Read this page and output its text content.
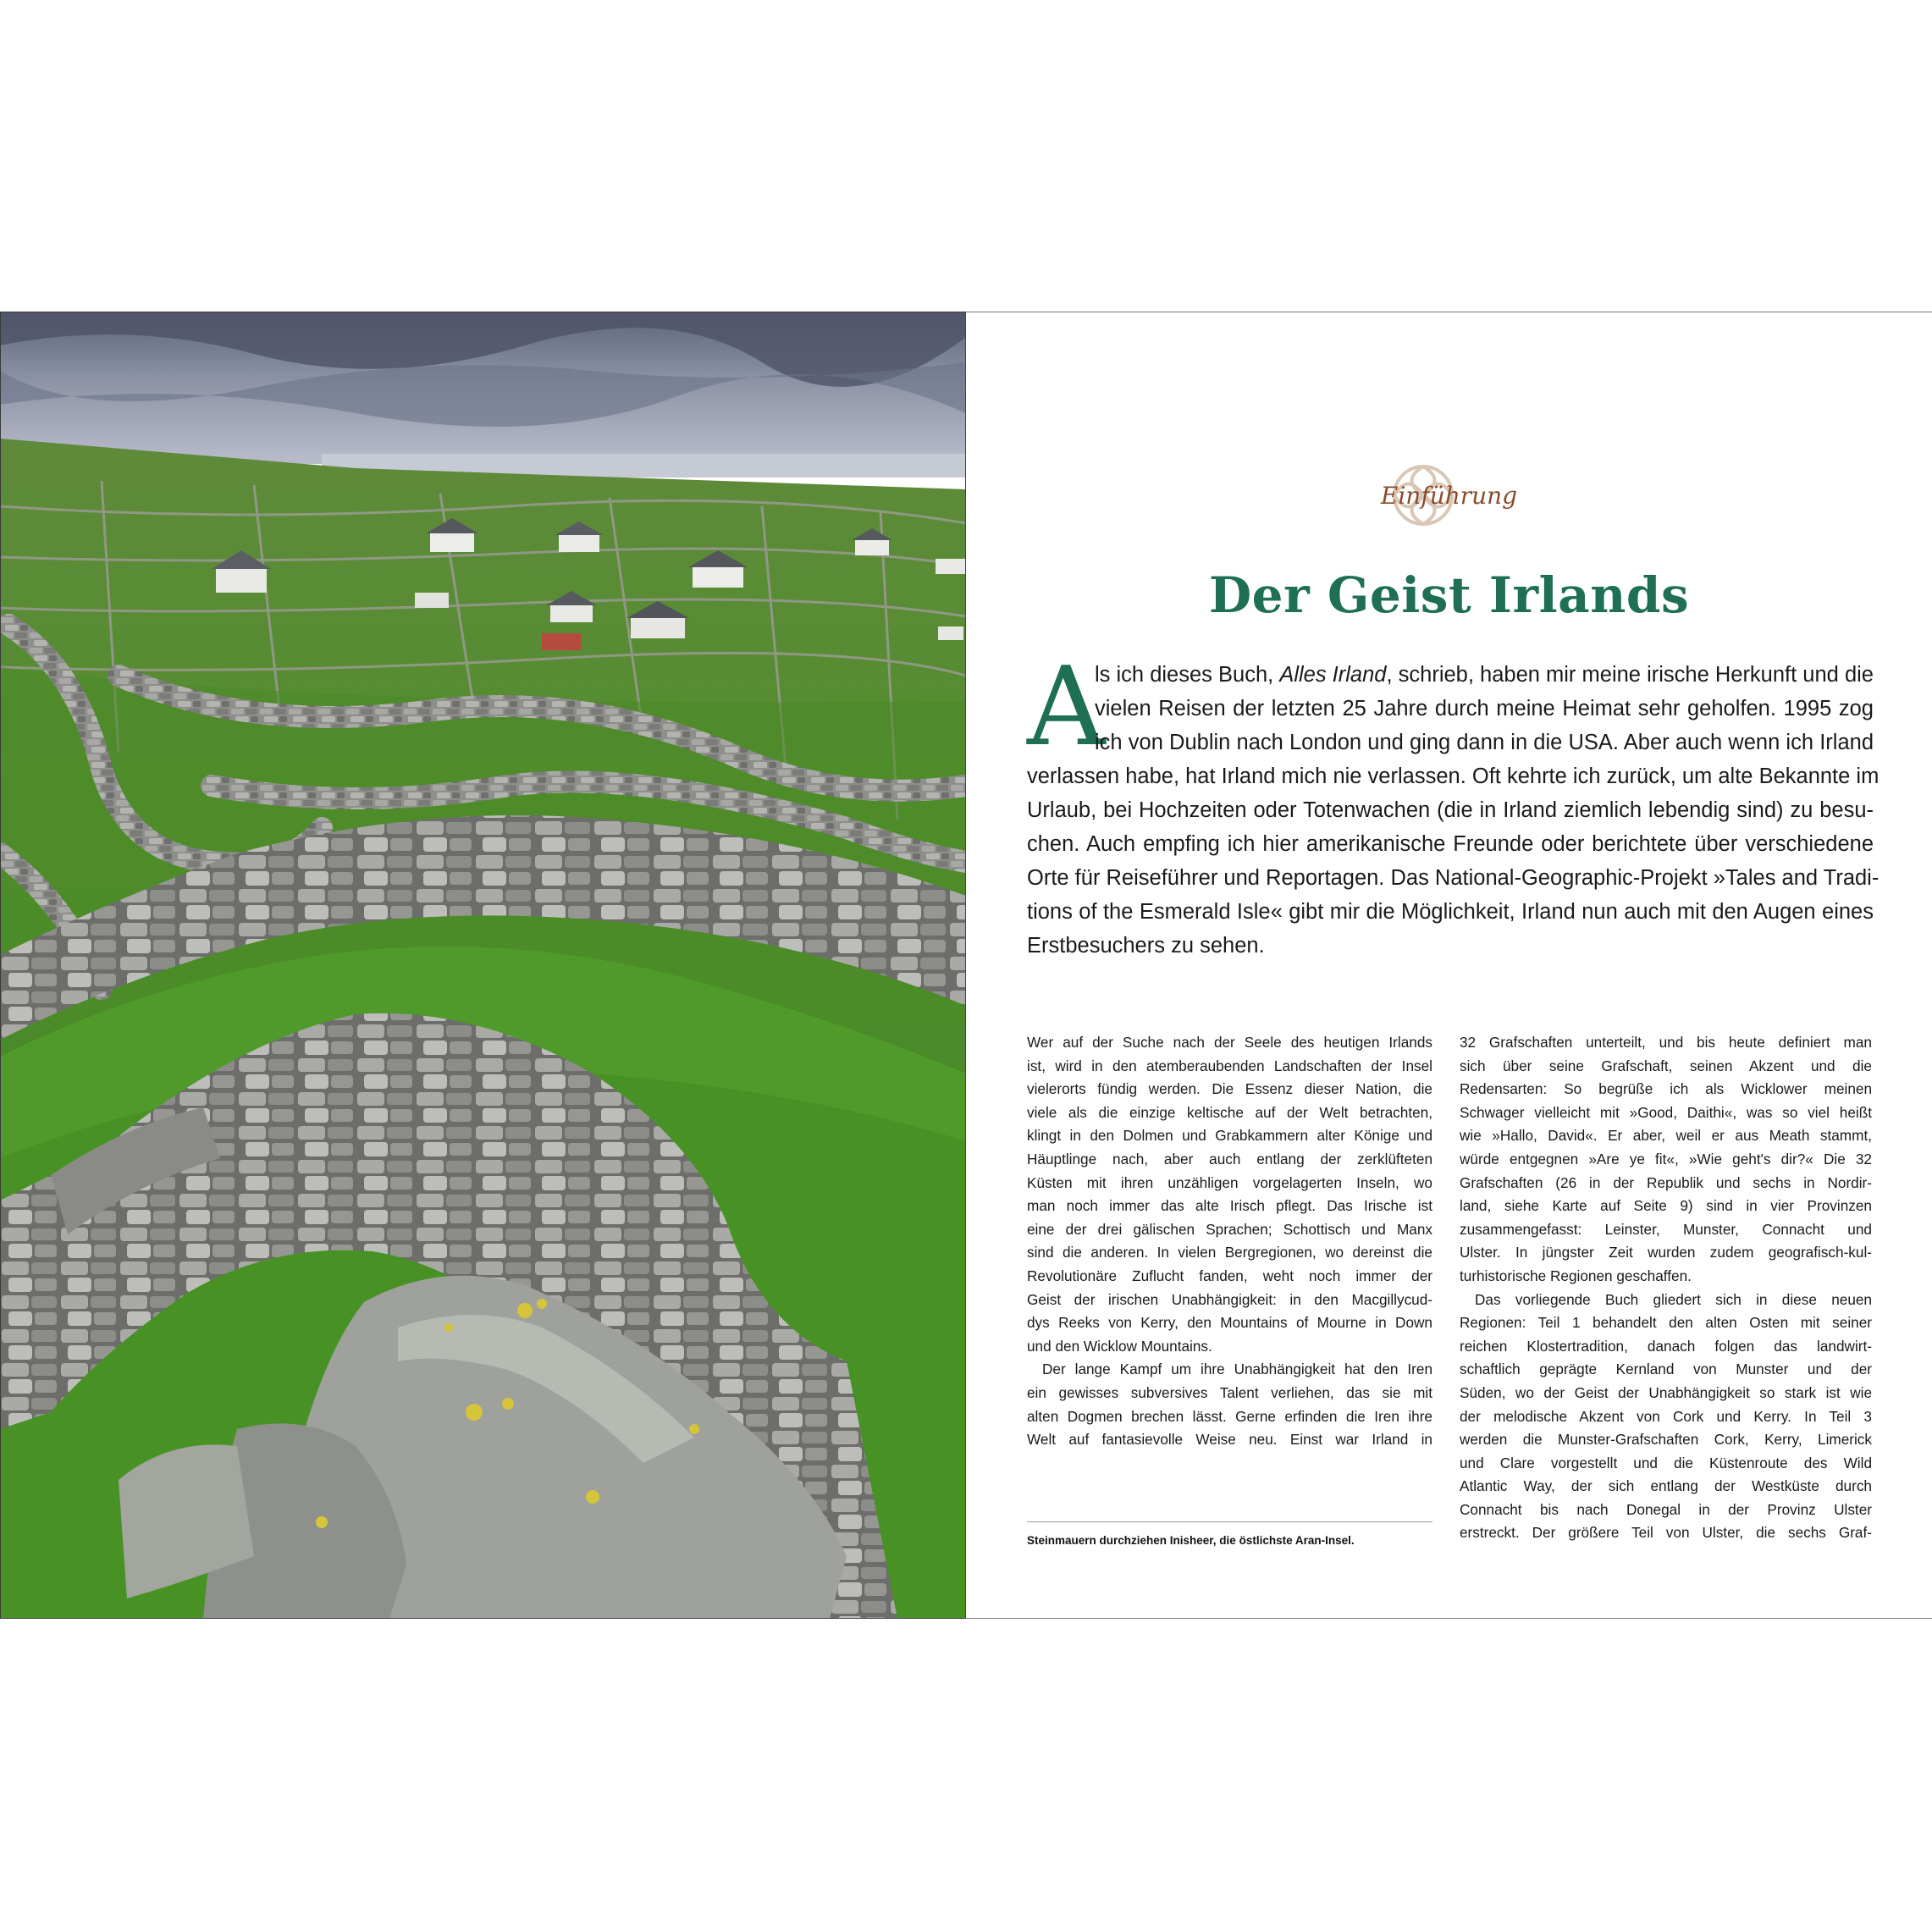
Einführung
Der Geist Irlands
A
ls ich dieses Buch, Alles Irland, schrieb, haben mir meine irische Herkunft und die
vielen Reisen der letzten 25 Jahre durch meine Heimat sehr geholfen. 1995 zog
ich von Dublin nach London und ging dann in die USA. Aber auch wenn ich Irland
verlassen habe, hat Irland mich nie verlassen. Oft kehrte ich zurück, um alte Bekannte im
Urlaub, bei Hochzeiten oder Totenwachen (die in Irland ziemlich lebendig sind) zu besu-
chen. Auch empfing ich hier amerikanische Freunde oder berichtete über verschiedene
Orte für Reiseführer und Reportagen. Das National-Geographic-Projekt »Tales and Tradi-
tions of the Esmerald Isle« gibt mir die Möglichkeit, Irland nun auch mit den Augen eines
Erstbesuchers zu sehen.
Wer auf der Suche nach der Seele des heutigen Irlands
ist, wird in den atemberaubenden Landschaften der Insel
vielerorts fündig werden. Die Essenz dieser Nation, die
viele als die einzige keltische auf der Welt betrachten,
klingt in den Dolmen und Grabkammern alter Könige und
Häuptlinge nach, aber auch entlang der zerklüfteten
Küsten mit ihren unzähligen vorgelagerten Inseln, wo
man noch immer das alte Irisch pflegt. Das Irische ist
eine der drei gälischen Sprachen; Schottisch und Manx
sind die anderen. In vielen Bergregionen, wo dereinst die
Revolutionäre Zuflucht fanden, weht noch immer der
Geist der irischen Unabhängigkeit: in den Macgillycud-
dys Reeks von Kerry, den Mountains of Mourne in Down
und den Wicklow Mountains.
Der lange Kampf um ihre Unabhängigkeit hat den Iren
ein gewisses subversives Talent verliehen, das sie mit
alten Dogmen brechen lässt. Gerne erfinden die Iren ihre
Welt auf fantasievolle Weise neu. Einst war Irland in
Steinmauern durchziehen Inisheer, die östlichste Aran-Insel.
32 Grafschaften unterteilt, und bis heute definiert man
sich über seine Grafschaft, seinen Akzent und die
Redensarten: So begrüße ich als Wicklower meinen
Schwager vielleicht mit »Good, Daithi«, was so viel heißt
wie »Hallo, David«. Er aber, weil er aus Meath stammt,
würde entgegnen »Are ye fit«, »Wie geht's dir?« Die 32
Grafschaften (26 in der Republik und sechs in Nordir-
land, siehe Karte auf Seite 9) sind in vier Provinzen
zusammengefasst: Leinster, Munster, Connacht und
Ulster. In jüngster Zeit wurden zudem geografisch-kul-
turhistorische Regionen geschaffen.
Das vorliegende Buch gliedert sich in diese neuen
Regionen: Teil 1 behandelt den alten Osten mit seiner
reichen Klostertradition, danach folgen das landwirt-
schaftlich geprägte Kernland von Munster und der
Süden, wo der Geist der Unabhängigkeit so stark ist wie
der melodische Akzent von Cork und Kerry. In Teil 3
werden die Munster-Grafschaften Cork, Kerry, Limerick
und Clare vorgestellt und die Küstenroute des Wild
Atlantic Way, der sich entlang der Westküste durch
Connacht bis nach Donegal in der Provinz Ulster
erstreckt. Der größere Teil von Ulster, die sechs Graf-
